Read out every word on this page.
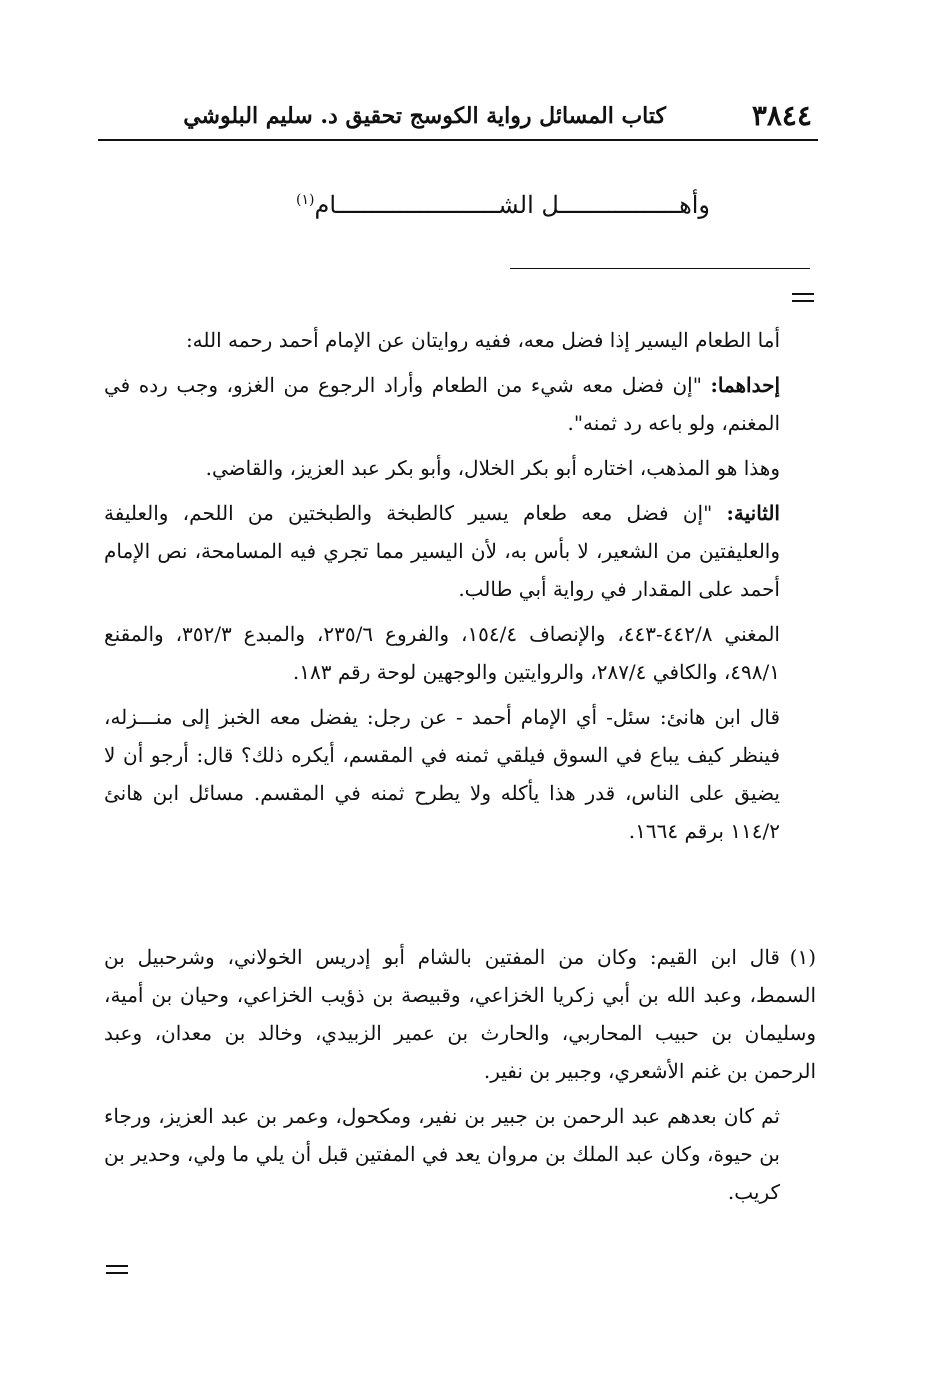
٣٨٤٤
كتاب المسائل رواية الكوسج تحقيق د. سليم البلوشي
وأهـــــــــــــــــل الشـــــــــــــــــــــــام$^{(١)}$

أما الطعام اليسير إذا فضل معه، ففيه روايتان عن الإمام أحمد رحمه الله:

إحداهما: "إن فضل معه شيء من الطعام وأراد الرجوع من الغزو، وجب رده في المغنم، ولو باعه رد ثمنه".

وهذا هو المذهب، اختاره أبو بكر الخلال، وأبو بكر عبد العزيز، والقاضي.

الثانية: "إن فضل معه طعام يسير كالطبخة والطبختين من اللحم، والعليفة والعليفتين من الشعير، لا بأس به، لأن اليسير مما تجري فيه المسامحة، نص الإمام أحمد على المقدار في رواية أبي طالب.

المغني ٤٤٢/٨-٤٤٣، والإنصاف ١٥٤/٤، والفروع ٢٣٥/٦، والمبدع ٣٥٢/٣، والمقنع ٤٩٨/١، والكافي ٢٨٧/٤، والروايتين والوجهين لوحة رقم ١٨٣.

قال ابن هانئ: سئل- أي الإمام أحمد - عن رجل: يفضل معه الخبز إلى منـــزله، فينظر كيف يباع في السوق فيلقي ثمنه في المقسم، أيكره ذلك؟ قال: أرجو أن لا يضيق على الناس، قدر هذا يأكله ولا يطرح ثمنه في المقسم. مسائل ابن هانئ ١١٤/٢ برقم ١٦٦٤.

(١)قال ابن القيم: وكان من المفتين بالشام أبو إدريس الخولاني، وشرحبيل بن السمط، وعبد الله بن أبي زكريا الخزاعي، وقبيصة بن ذؤيب الخزاعي، وحيان بن أمية، وسليمان بن حبيب المحاربي، والحارث بن عمير الزبيدي، وخالد بن معدان، وعبد الرحمن بن غنم الأشعري، وجبير بن نفير.

ثم كان بعدهم عبد الرحمن بن جبير بن نفير، ومكحول، وعمر بن عبد العزيز، ورجاء بن حيوة، وكان عبد الملك بن مروان يعد في المفتين قبل أن يلي ما ولي، وحدير بن كريب.
